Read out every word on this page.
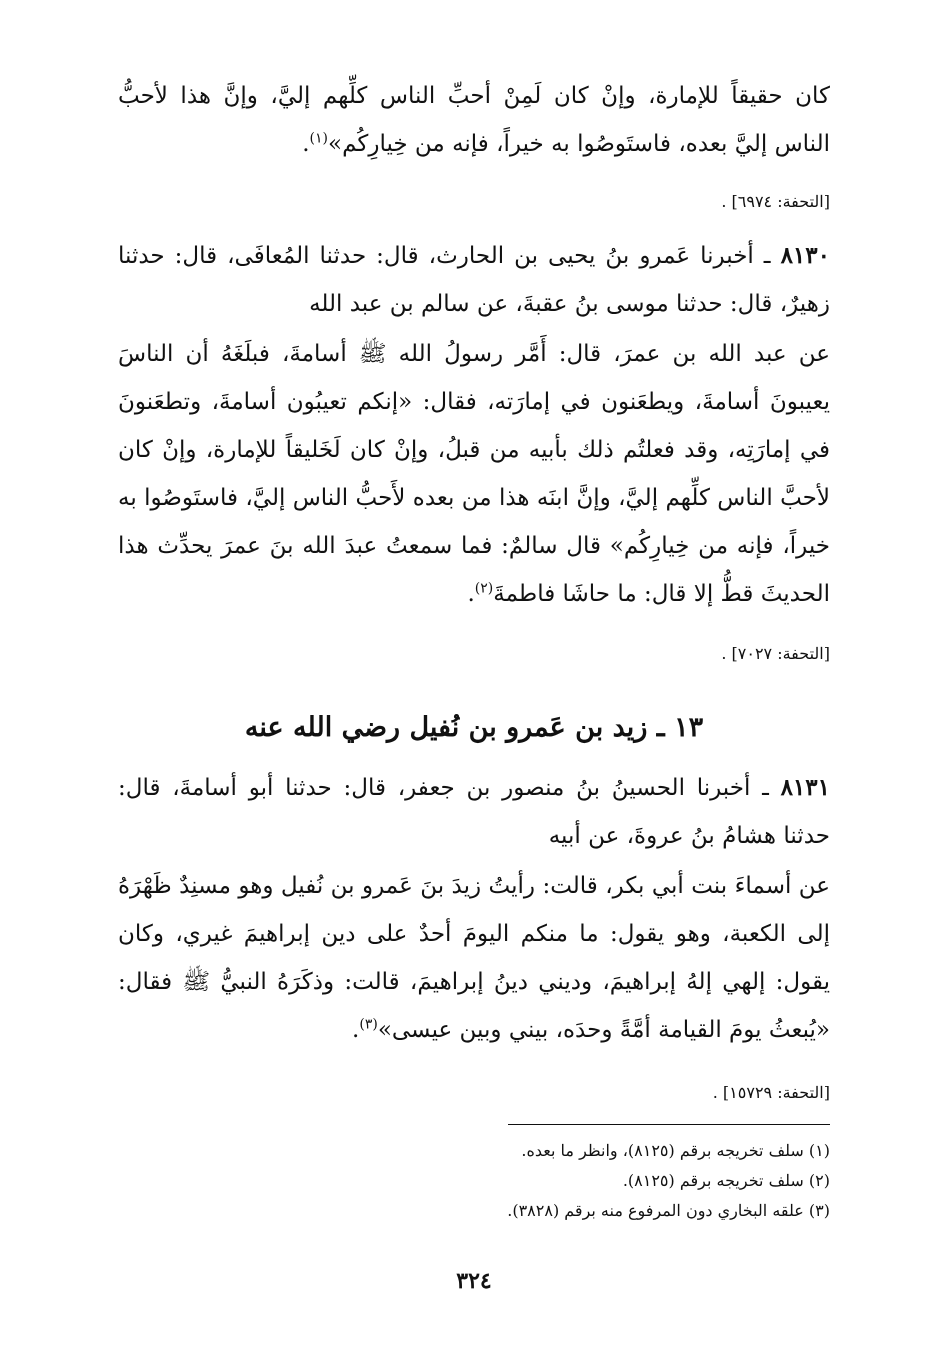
كان حقيقاً للإمارة، وإنْ كان لَمِنْ أحبِّ الناس كلِّهم إليَّ، وإنَّ هذا لأحبُّ الناس إليَّ بعده، فاستَوصُوا به خيراً، فإنه من خِيارِكُم»$^{(١)}$.

[التحفة: ٦٩٧٤] .

٨١٣٠ ـ أخبرنا عَمرو بنُ يحيى بن الحارث، قال: حدثنا المُعافَى، قال: حدثنا زهيرٌ، قال: حدثنا موسى بنُ عقبةَ، عن سالم بن عبد الله

عن عبد الله بن عمرَ، قال: أَمَّر رسولُ الله ﷺ أسامةَ، فبلَغَهُ أن الناسَ يعيبونَ أسامةَ، ويطعَنون في إمارَته، فقال: «إنكم تعيبُون أسامةَ، وتطعَنونَ في إمارَتِه، وقد فعلتُم ذلك بأبيه من قبلُ، وإنْ كان لَخَليقاً للإمارة، وإنْ كان لأحبَّ الناس كلِّهم إليَّ، وإنَّ ابنَه هذا من بعده لأَحبُّ الناس إليَّ، فاستَوصُوا به خيراً، فإنه من خِيارِكُم» قال سالمٌ: فما سمعتُ عبدَ الله بنَ عمرَ يحدِّث هذا الحديثَ قطُّ إلا قال: ما حاشَا فاطمةَ$^{(٢)}$.

[التحفة: ٧٠٢٧] .
١٣ ـ زيد بن عَمرو بن نُفيل رضي الله عنه

٨١٣١ ـ أخبرنا الحسينُ بنُ منصور بن جعفر، قال: حدثنا أبو أسامةَ، قال: حدثنا هشامُ بنُ عروةَ، عن أبيه

عن أسماءَ بنت أبي بكر، قالت: رأيتُ زيدَ بنَ عَمرو بن نُفيل وهو مسنِدٌ ظَهْرَهُ إلى الكعبة، وهو يقول: ما منكم اليومَ أحدٌ على دين إبراهيمَ غيري، وكان يقول: إلهي إلهُ إبراهيمَ، وديني دينُ إبراهيمَ، قالت: وذكَرَهُ النبيُّ ﷺ فقال: «يُبعثُ يومَ القيامة أمَّةً وحدَه، بيني وبين عيسى»$^{(٣)}$.

[التحفة: ١٥٧٢٩] .

(١) سلف تخريجه برقم (٨١٢٥)، وانظر ما بعده.

(٢) سلف تخريجه برقم (٨١٢٥).

(٣) علقه البخاري دون المرفوع منه برقم (٣٨٢٨).

٣٢٤
